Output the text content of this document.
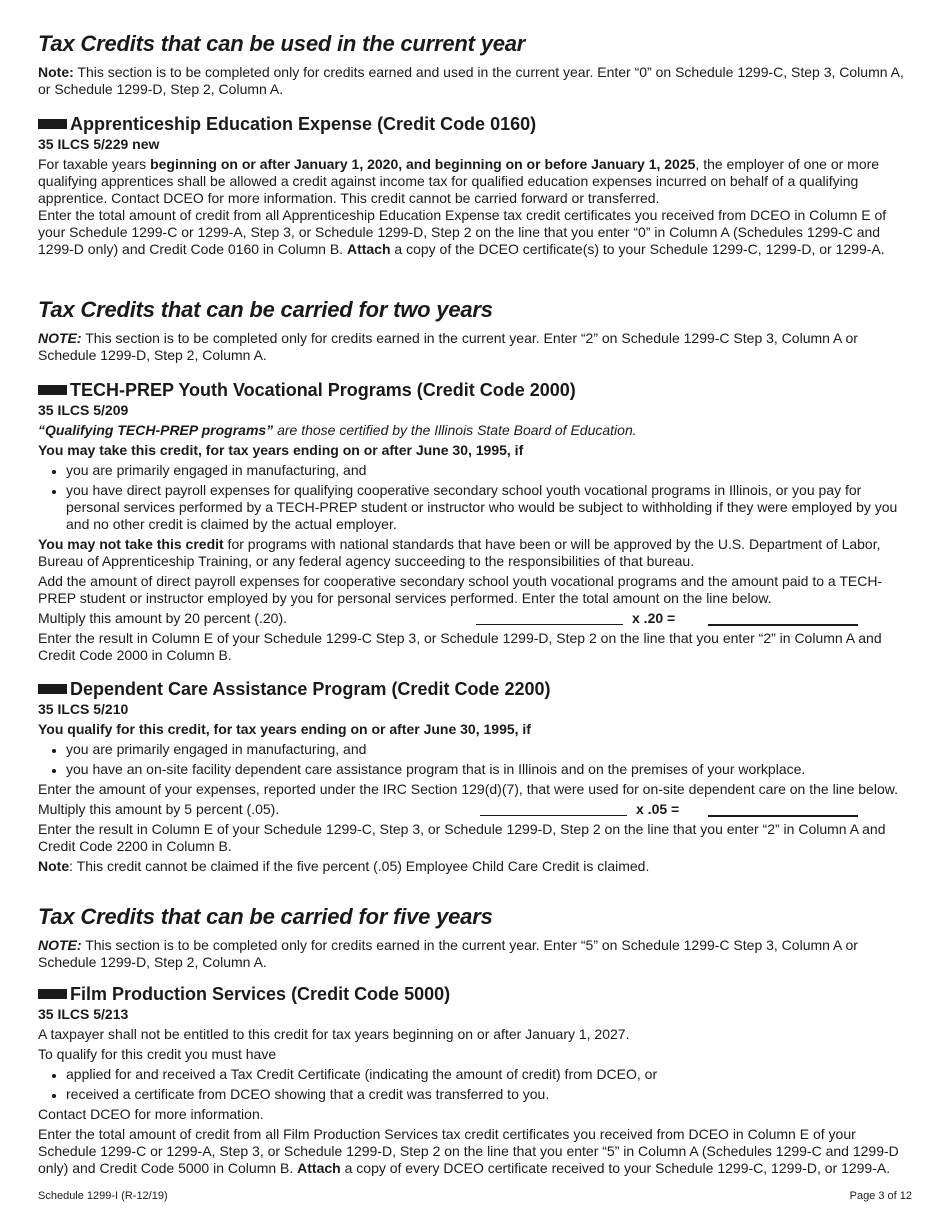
Tax Credits that can be used in the current year

Note: This section is to be completed only for credits earned and used in the current year. Enter “0” on Schedule 1299-C, Step 3, Column A, or Schedule 1299-D, Step 2, Column A.

Apprenticeship Education Expense (Credit Code 0160)
35 ILCS 5/229 new

For taxable years beginning on or after January 1, 2020, and beginning on or before January 1, 2025, the employer of one or more qualifying apprentices shall be allowed a credit against income tax for qualified education expenses incurred on behalf of a qualifying apprentice. Contact DCEO for more information. This credit cannot be carried forward or transferred.

Enter the total amount of credit from all Apprenticeship Education Expense tax credit certificates you received from DCEO in Column E of your Schedule 1299-C or 1299-A, Step 3, or Schedule 1299-D, Step 2 on the line that you enter “0” in Column A (Schedules 1299-C and 1299-D only) and Credit Code 0160 in Column B. Attach a copy of the DCEO certificate(s) to your Schedule 1299-C, 1299-D, or 1299-A.

Tax Credits that can be carried for two years

NOTE: This section is to be completed only for credits earned in the current year. Enter “2” on Schedule 1299-C Step 3, Column A or Schedule 1299-D, Step 2, Column A.

TECH-PREP Youth Vocational Programs (Credit Code 2000)
35 ILCS 5/209

“Qualifying TECH-PREP programs” are those certified by the Illinois State Board of Education.

You may take this credit, for tax years ending on or after June 30, 1995, if

you are primarily engaged in manufacturing, and
you have direct payroll expenses for qualifying cooperative secondary school youth vocational programs in Illinois, or you pay for personal services performed by a TECH-PREP student or instructor who would be subject to withholding if they were employed by you and no other credit is claimed by the actual employer.

You may not take this credit for programs with national standards that have been or will be approved by the U.S. Department of Labor, Bureau of Apprenticeship Training, or any federal agency succeeding to the responsibilities of that bureau.

Add the amount of direct payroll expenses for cooperative secondary school youth vocational programs and the amount paid to a TECH-PREP student or instructor employed by you for personal services performed. Enter the total amount on the line below.

Multiply this amount by 20 percent (.20).	x .20 =

Enter the result in Column E of your Schedule 1299-C Step 3, or Schedule 1299-D, Step 2 on the line that you enter “2” in Column A and Credit Code 2000 in Column B.

Dependent Care Assistance Program (Credit Code 2200)
35 ILCS 5/210

You qualify for this credit, for tax years ending on or after June 30, 1995, if

you are primarily engaged in manufacturing, and
you have an on-site facility dependent care assistance program that is in Illinois and on the premises of your workplace.

Enter the amount of your expenses, reported under the IRC Section 129(d)(7), that were used for on-site dependent care on the line below.

Multiply this amount by 5 percent (.05).	x .05 =

Enter the result in Column E of your Schedule 1299-C, Step 3, or Schedule 1299-D, Step 2 on the line that you enter “2” in Column A and Credit Code 2200 in Column B.

Note: This credit cannot be claimed if the five percent (.05) Employee Child Care Credit is claimed.

Tax Credits that can be carried for five years

NOTE: This section is to be completed only for credits earned in the current year. Enter “5” on Schedule 1299-C Step 3, Column A or Schedule 1299-D, Step 2, Column A.

Film Production Services (Credit Code 5000)
35 ILCS 5/213

A taxpayer shall not be entitled to this credit for tax years beginning on or after January 1, 2027.

To qualify for this credit you must have

applied for and received a Tax Credit Certificate (indicating the amount of credit) from DCEO, or
received a certificate from DCEO showing that a credit was transferred to you.

Contact DCEO for more information.

Enter the total amount of credit from all Film Production Services tax credit certificates you received from DCEO in Column E of your Schedule 1299-C or 1299-A, Step 3, or Schedule 1299-D, Step 2 on the line that you enter “5” in Column A (Schedules 1299-C and 1299-D only) and Credit Code 5000 in Column B. Attach a copy of every DCEO certificate received to your Schedule 1299-C, 1299-D, or 1299-A.

Schedule 1299-I (R-12/19)	Page 3 of 12
